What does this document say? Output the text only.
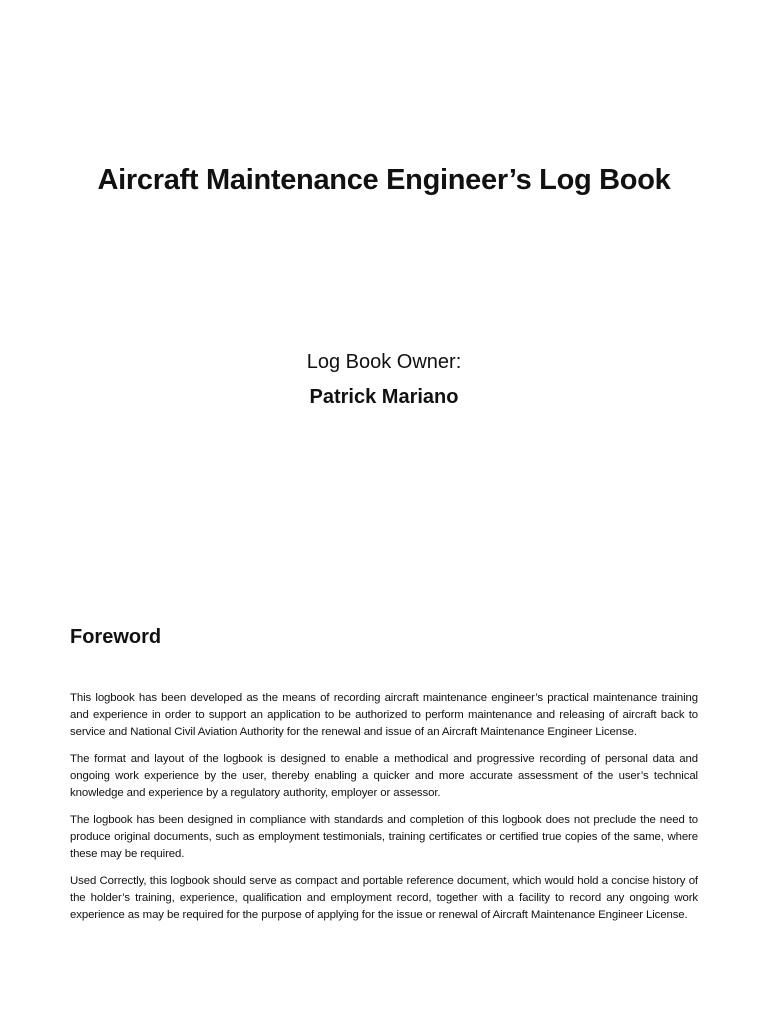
Aircraft Maintenance Engineer’s Log Book
Log Book Owner:
Patrick Mariano
Foreword

This logbook has been developed as the means of recording aircraft maintenance engineer’s practical maintenance training and experience in order to support an application to be authorized to perform maintenance and releasing of aircraft back to service and National Civil Aviation Authority for the renewal and issue of an Aircraft Maintenance Engineer License.

The format and layout of the logbook is designed to enable a methodical and progressive recording of personal data and ongoing work experience by the user, thereby enabling a quicker and more accurate assessment of the user’s technical knowledge and experience by a regulatory authority, employer or assessor.

The logbook has been designed in compliance with standards and completion of this logbook does not preclude the need to produce original documents, such as employment testimonials, training certificates or certified true copies of the same, where these may be required.

Used Correctly, this logbook should serve as compact and portable reference document, which would hold a concise history of the holder’s training, experience, qualification and employment record, together with a facility to record any ongoing work experience as may be required for the purpose of applying for the issue or renewal of Aircraft Maintenance Engineer License.
